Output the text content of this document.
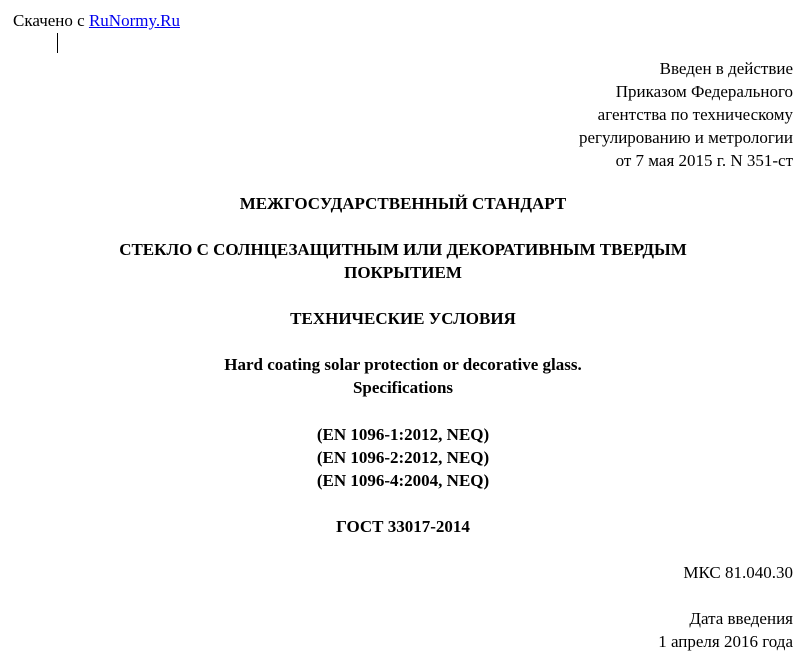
Скачено с RuNormy.Ru
Введен в действие
Приказом Федерального
агентства по техническому
регулированию и метрологии
от 7 мая 2015 г. N 351-ст
МЕЖГОСУДАРСТВЕННЫЙ СТАНДАРТ
СТЕКЛО С СОЛНЦЕЗАЩИТНЫМ ИЛИ ДЕКОРАТИВНЫМ ТВЕРДЫМ
ПОКРЫТИЕМ
ТЕХНИЧЕСКИЕ УСЛОВИЯ
Hard coating solar protection or decorative glass.
Specifications
(EN 1096-1:2012, NEQ)
(EN 1096-2:2012, NEQ)
(EN 1096-4:2004, NEQ)
ГОСТ 33017-2014
МКС 81.040.30
Дата введения
1 апреля 2016 года
